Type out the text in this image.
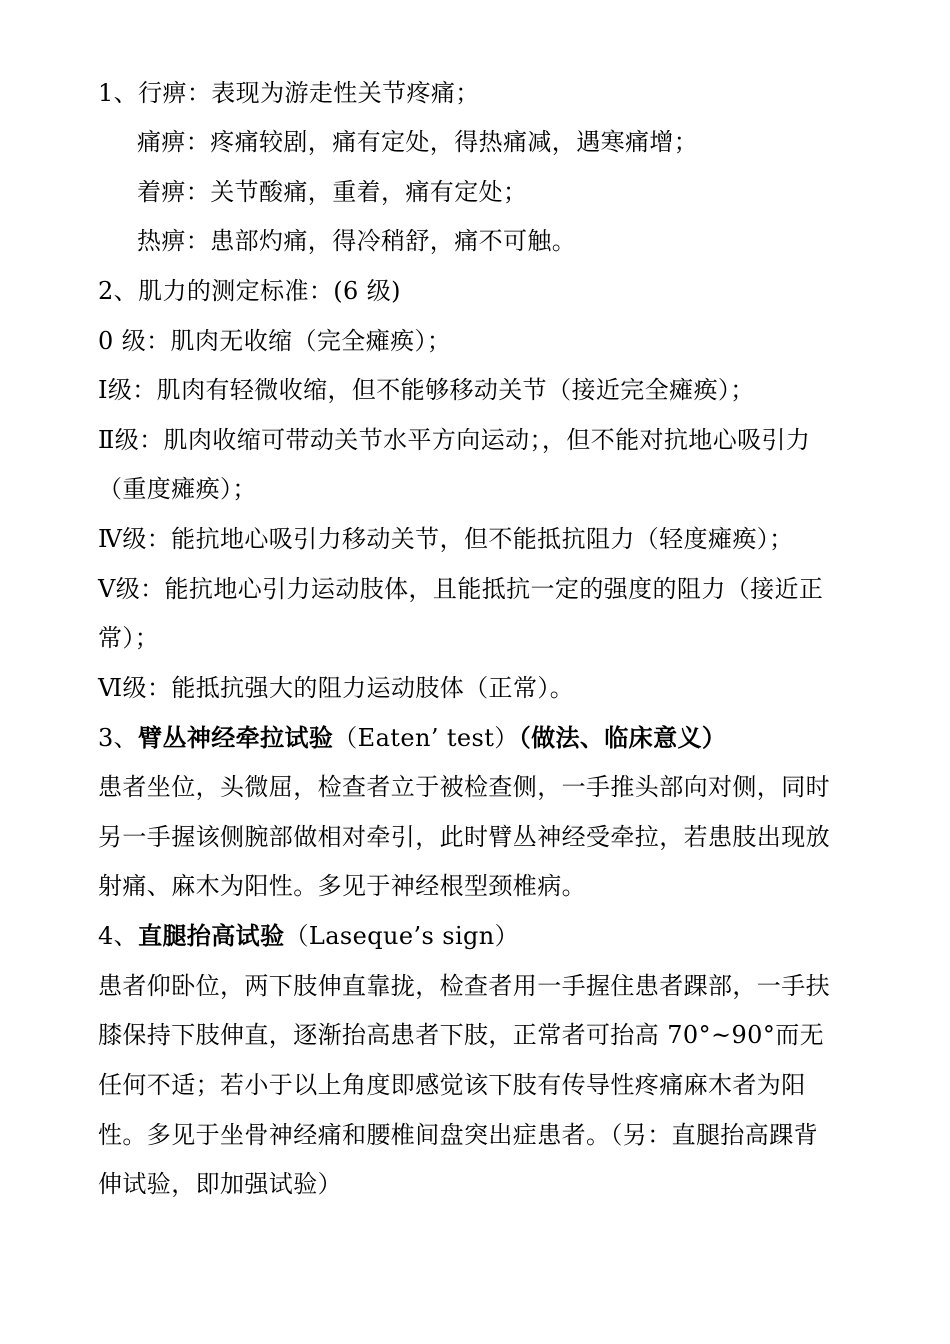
1、行痹：表现为游走性关节疼痛；
痛痹：疼痛较剧，痛有定处，得热痛减，遇寒痛增；
着痹：关节酸痛，重着，痛有定处；
热痹：患部灼痛，得冷稍舒，痛不可触。
2、肌力的测定标准：(6 级)
0 级：肌肉无收缩（完全瘫痪）；
Ⅰ级：肌肉有轻微收缩，但不能够移动关节（接近完全瘫痪）；
Ⅱ级：肌肉收缩可带动关节水平方向运动；，但不能对抗地心吸引力
（重度瘫痪）；
Ⅳ级：能抗地心吸引力移动关节，但不能抵抗阻力（轻度瘫痪）；
Ⅴ级：能抗地心引力运动肢体，且能抵抗一定的强度的阻力（接近正
常）；
Ⅵ级：能抵抗强大的阻力运动肢体（正常）。
3、臂丛神经牵拉试验（Eaten’ test）（做法、临床意义）
患者坐位，头微屈，检查者立于被检查侧，一手推头部向对侧，同时
另一手握该侧腕部做相对牵引，此时臂丛神经受牵拉，若患肢出现放
射痛、麻木为阳性。多见于神经根型颈椎病。
4、直腿抬高试验（Laseque’s sign）
患者仰卧位，两下肢伸直靠拢，检查者用一手握住患者踝部，一手扶
膝保持下肢伸直，逐渐抬高患者下肢，正常者可抬高 70°~90°而无
任何不适；若小于以上角度即感觉该下肢有传导性疼痛麻木者为阳
性。多见于坐骨神经痛和腰椎间盘突出症患者。（另：直腿抬高踝背
伸试验，即加强试验）
